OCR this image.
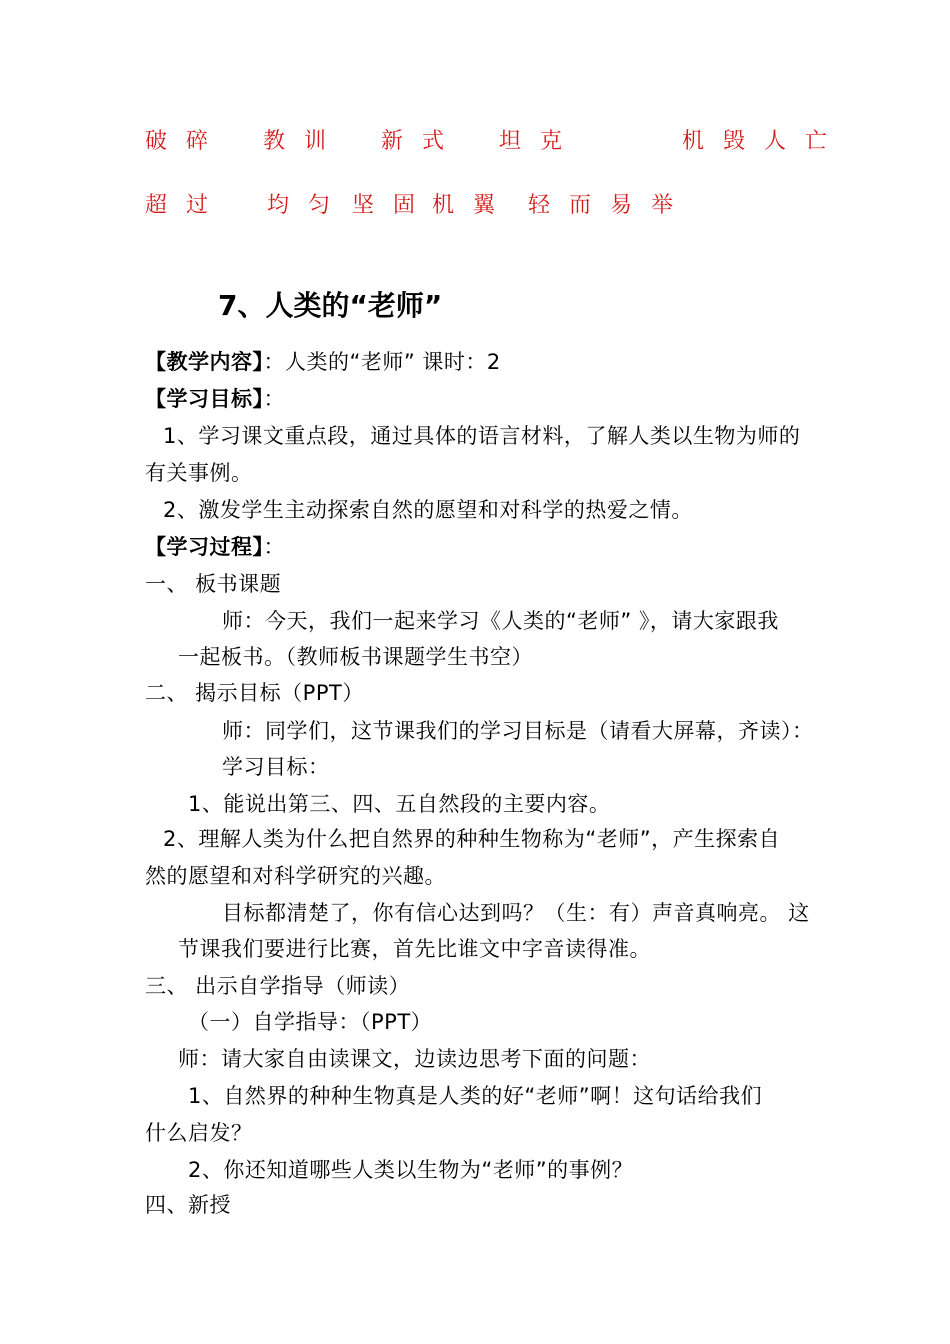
破 碎 教 训 新 式 坦 克	机 毁 人 亡
超 过 均 匀 坚 固 机 翼 轻 而 易 举
7、人类的“老师”
【教学内容】：人类的“老师” 课时：2
【学习目标】：
1、学习课文重点段，通过具体的语言材料，了解人类以生物为师的
有关事例。
2、激发学生主动探索自然的愿望和对科学的热爱之情。
【学习过程】：
一、 板书课题
师：今天，我们一起来学习《人类的“老师” 》，请大家跟我
一起板书。（教师板书课题学生书空）
二、 揭示目标（PPT）
师：同学们，这节课我们的学习目标是（请看大屏幕，齐读）：
学习目标：
1、能说出第三、四、五自然段的主要内容。
2、理解人类为什么把自然界的种种生物称为“老师”，产生探索自
然的愿望和对科学研究的兴趣。
目标都清楚了，你有信心达到吗？（生：有）声音真响亮。 这
节课我们要进行比赛，首先比谁文中字音读得准。
三、 出示自学指导（师读）
（一）自学指导：（PPT）
师：请大家自由读课文，边读边思考下面的问题：
1、自然界的种种生物真是人类的好“老师”啊！这句话给我们
什么启发？
2、你还知道哪些人类以生物为“老师”的事例？
四、新授
